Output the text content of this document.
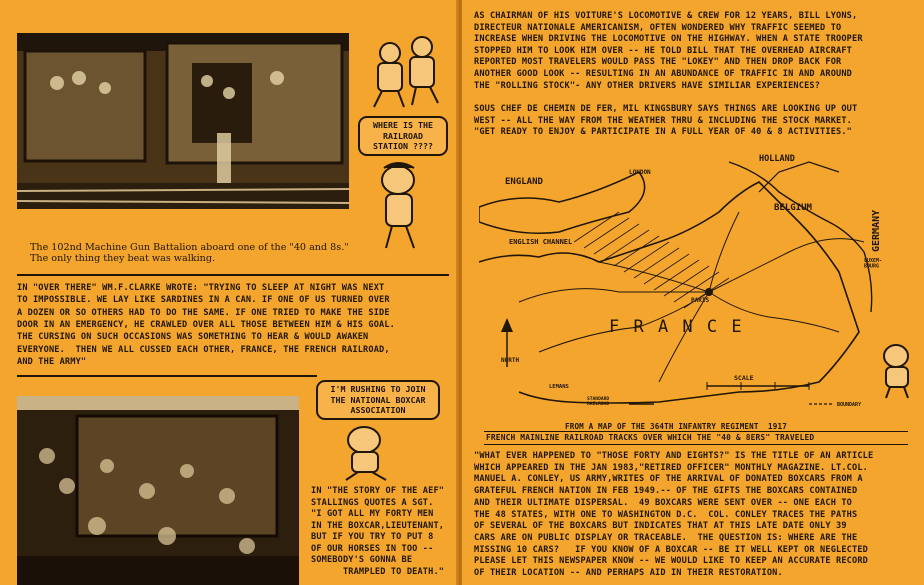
The 102nd Machine Gun Battalion aboard one of the "40 and 8s."
The only thing they beat was walking.
WHERE IS THE
RAILROAD
STATION ????
IN "OVER THERE" WM.F.CLARKE WROTE: "TRYING TO SLEEP AT NIGHT WAS NEXT
TO IMPOSSIBLE. WE LAY LIKE SARDINES IN A CAN. IF ONE OF US TURNED OVER
A DOZEN OR SO OTHERS HAD TO DO THE SAME. IF ONE TRIED TO MAKE THE SIDE
DOOR IN AN EMERGENCY, HE CRAWLED OVER ALL THOSE BETWEEN HIM & HIS GOAL.
THE CURSING ON SUCH OCCASIONS WAS SOMETHING TO HEAR & WOULD AWAKEN
EVERYONE.  THEN WE ALL CUSSED EACH OTHER, FRANCE, THE FRENCH RAILROAD,
AND THE ARMY"
I'M RUSHING TO JOIN
THE NATIONAL BOXCAR
ASSOCIATION
IN "THE STORY OF THE AEF"
STALLINGS QUOTES A SGT.
"I GOT ALL MY FORTY MEN
IN THE BOXCAR,LIEUTENANT,
BUT IF YOU TRY TO PUT 8
OF OUR HORSES IN TOO --
SOMEBODY'S GONNA BE
TRAMPLED TO DEATH."
AS CHAIRMAN OF HIS VOITURE'S LOCOMOTIVE & CREW FOR 12 YEARS, BILL LYONS,
DIRECTEUR NATIONALE AMERICANISM, OFTEN WONDERED WHY TRAFFIC SEEMED TO
INCREASE WHEN DRIVING THE LOCOMOTIVE ON THE HIGHWAY. WHEN A STATE TROOPER
STOPPED HIM TO LOOK HIM OVER -- HE TOLD BILL THAT THE OVERHEAD AIRCRAFT
REPORTED MOST TRAVELERS WOULD PASS THE "LOKEY" AND THEN DROP BACK FOR
ANOTHER GOOD LOOK -- RESULTING IN AN ABUNDANCE OF TRAFFIC IN AND AROUND
THE "ROLLING STOCK"- ANY OTHER DRIVERS HAVE SIMILIAR EXPERIENCES?
SOUS CHEF DE CHEMIN DE FER, MIL KINGSBURY SAYS THINGS ARE LOOKING UP OUT
WEST -- ALL THE WAY FROM THE WEATHER THRU & INCLUDING THE STOCK MARKET.
"GET READY TO ENJOY & PARTICIPATE IN A FULL YEAR OF 40 & 8 ACTIVITIES."
ENGLAND
LONDON
HOLLAND
BELGIUM
GERMANY
ENGLISH CHANNEL
F R A N C E
NORTH
PARIS
SCALE
STANDARD RAILROAD	BOUNDARY
LUXEM-BOURG
LEMANS
FROM A MAP OF THE 364TH INFANTRY REGIMENT  1917
FRENCH MAINLINE RAILROAD TRACKS OVER WHICH THE "40 & 8ERS" TRAVELED
"WHAT EVER HAPPENED TO "THOSE FORTY AND EIGHTS?" IS THE TITLE OF AN ARTICLE
WHICH APPEARED IN THE JAN 1983,"RETIRED OFFICER" MONTHLY MAGAZINE. LT.COL.
MANUEL A. CONLEY, US ARMY,WRITES OF THE ARRIVAL OF DONATED BOXCARS FROM A
GRATEFUL FRENCH NATION IN FEB 1949.-- OF THE GIFTS THE BOXCARS CONTAINED
AND THEIR ULTIMATE DISPERSAL.  49 BOXCARS WERE SENT OVER -- ONE EACH TO
THE 48 STATES, WITH ONE TO WASHINGTON D.C.  COL. CONLEY TRACES THE PATHS
OF SEVERAL OF THE BOXCARS BUT INDICATES THAT AT THIS LATE DATE ONLY 39
CARS ARE ON PUBLIC DISPLAY OR TRACEABLE.  THE QUESTION IS: WHERE ARE THE
MISSING 10 CARS?   IF YOU KNOW OF A BOXCAR -- BE IT WELL KEPT OR NEGLECTED
PLEASE LET THIS NEWSPAPER KNOW -- WE WOULD LIKE TO KEEP AN ACCURATE RECORD
OF THEIR LOCATION -- AND PERHAPS AID IN THEIR RESTORATION.
